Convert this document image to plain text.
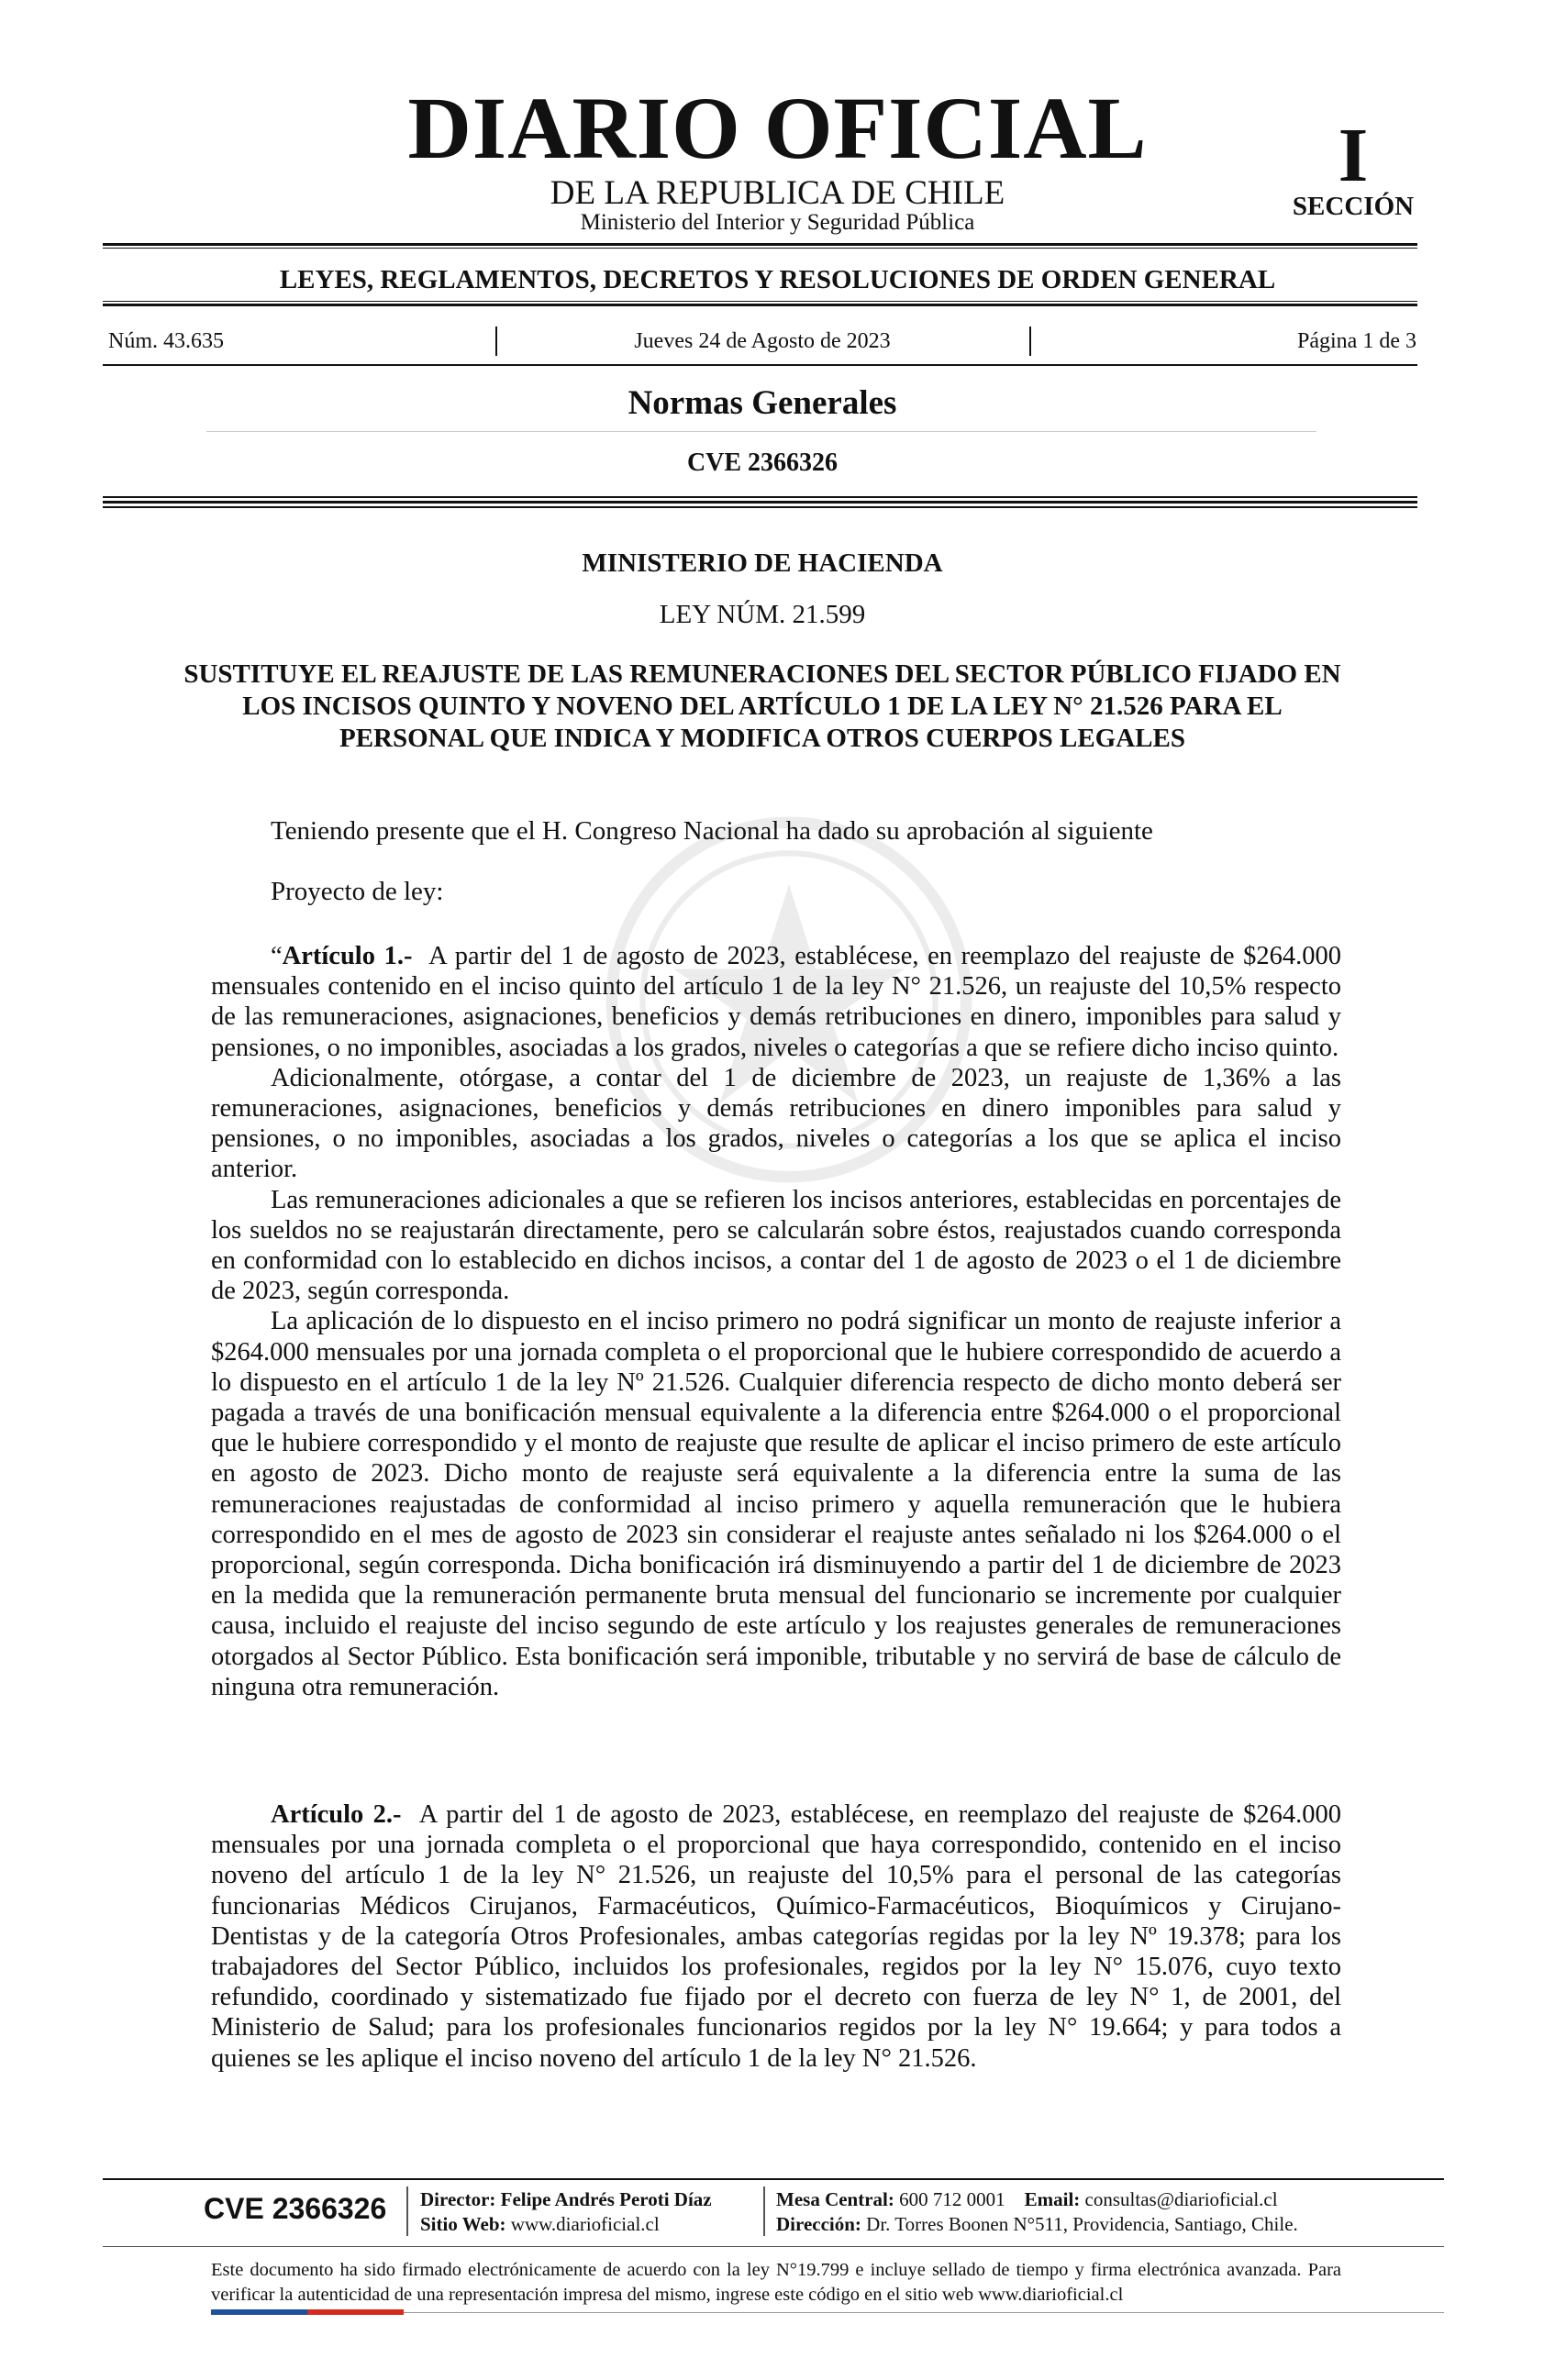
DIARIO OFICIAL
DE LA REPUBLICA DE CHILE
Ministerio del Interior y Seguridad Pública
I
SECCIÓN
LEYES, REGLAMENTOS, DECRETOS Y RESOLUCIONES DE ORDEN GENERAL
Núm. 43.635	Jueves 24 de Agosto de 2023	Página 1 de 3
Normas Generales
CVE 2366326
MINISTERIO DE HACIENDA
LEY NÚM. 21.599
SUSTITUYE EL REAJUSTE DE LAS REMUNERACIONES DEL SECTOR PÚBLICO FIJADO EN LOS INCISOS QUINTO Y NOVENO DEL ARTÍCULO 1 DE LA LEY N° 21.526 PARA EL PERSONAL QUE INDICA Y MODIFICA OTROS CUERPOS LEGALES
Teniendo presente que el H. Congreso Nacional ha dado su aprobación al siguiente
Proyecto de ley:

“Artículo 1.- A partir del 1 de agosto de 2023, establécese, en reemplazo del reajuste de $264.000 mensuales contenido en el inciso quinto del artículo 1 de la ley N° 21.526, un reajuste del 10,5% respecto de las remuneraciones, asignaciones, beneficios y demás retribuciones en dinero, imponibles para salud y pensiones, o no imponibles, asociadas a los grados, niveles o categorías a que se refiere dicho inciso quinto.

Adicionalmente, otórgase, a contar del 1 de diciembre de 2023, un reajuste de 1,36% a las remuneraciones, asignaciones, beneficios y demás retribuciones en dinero imponibles para salud y pensiones, o no imponibles, asociadas a los grados, niveles o categorías a los que se aplica el inciso anterior.

Las remuneraciones adicionales a que se refieren los incisos anteriores, establecidas en porcentajes de los sueldos no se reajustarán directamente, pero se calcularán sobre éstos, reajustados cuando corresponda en conformidad con lo establecido en dichos incisos, a contar del 1 de agosto de 2023 o el 1 de diciembre de 2023, según corresponda.

La aplicación de lo dispuesto en el inciso primero no podrá significar un monto de reajuste inferior a $264.000 mensuales por una jornada completa o el proporcional que le hubiere correspondido de acuerdo a lo dispuesto en el artículo 1 de la ley Nº 21.526. Cualquier diferencia respecto de dicho monto deberá ser pagada a través de una bonificación mensual equivalente a la diferencia entre $264.000 o el proporcional que le hubiere correspondido y el monto de reajuste que resulte de aplicar el inciso primero de este artículo en agosto de 2023. Dicho monto de reajuste será equivalente a la diferencia entre la suma de las remuneraciones reajustadas de conformidad al inciso primero y aquella remuneración que le hubiera correspondido en el mes de agosto de 2023 sin considerar el reajuste antes señalado ni los $264.000 o el proporcional, según corresponda. Dicha bonificación irá disminuyendo a partir del 1 de diciembre de 2023 en la medida que la remuneración permanente bruta mensual del funcionario se incremente por cualquier causa, incluido el reajuste del inciso segundo de este artículo y los reajustes generales de remuneraciones otorgados al Sector Público. Esta bonificación será imponible, tributable y no servirá de base de cálculo de ninguna otra remuneración.

Artículo 2.- A partir del 1 de agosto de 2023, establécese, en reemplazo del reajuste de $264.000 mensuales por una jornada completa o el proporcional que haya correspondido, contenido en el inciso noveno del artículo 1 de la ley N° 21.526, un reajuste del 10,5% para el personal de las categorías funcionarias Médicos Cirujanos, Farmacéuticos, Químico-Farmacéuticos, Bioquímicos y Cirujano-Dentistas y de la categoría Otros Profesionales, ambas categorías regidas por la ley Nº 19.378; para los trabajadores del Sector Público, incluidos los profesionales, regidos por la ley N° 15.076, cuyo texto refundido, coordinado y sistematizado fue fijado por el decreto con fuerza de ley N° 1, de 2001, del Ministerio de Salud; para los profesionales funcionarios regidos por la ley N° 19.664; y para todos a quienes se les aplique el inciso noveno del artículo 1 de la ley N° 21.526.

CVE 2366326 Director: Felipe Andrés Peroti Díaz
Sitio Web: www.diarioficial.cl
Mesa Central: 600 712 0001 Email: consultas@diarioficial.cl
Dirección: Dr. Torres Boonen N°511, Providencia, Santiago, Chile.
Este documento ha sido firmado electrónicamente de acuerdo con la ley N°19.799 e incluye sellado de tiempo y firma electrónica avanzada. Para verificar la autenticidad de una representación impresa del mismo, ingrese este código en el sitio web www.diarioficial.cl
